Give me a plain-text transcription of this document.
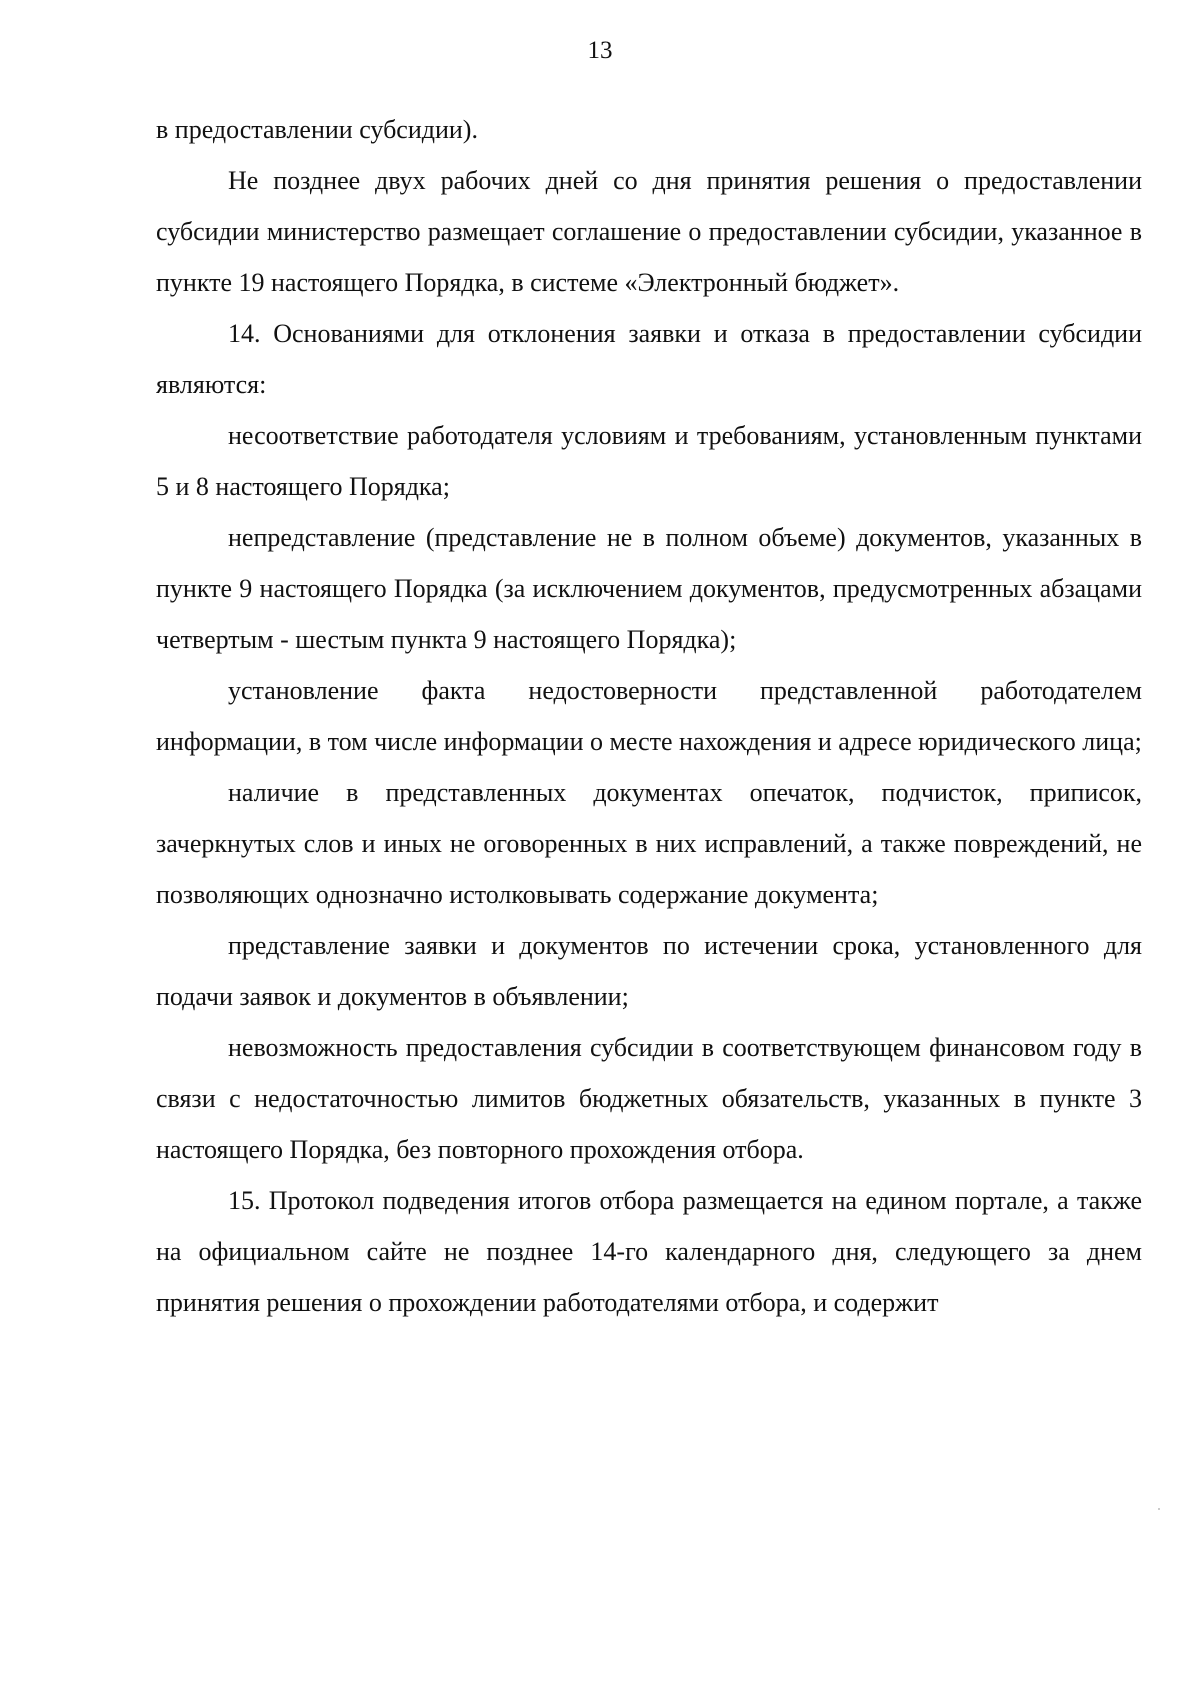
13

в предоставлении субсидии).

Не позднее двух рабочих дней со дня принятия решения о предоставлении субсидии министерство размещает соглашение о предоставлении субсидии, указанное в пункте 19 настоящего Порядка, в системе «Электронный бюджет».

14. Основаниями для отклонения заявки и отказа в предоставлении субсидии являются:

несоответствие работодателя условиям и требованиям, установленным пунктами 5 и 8 настоящего Порядка;

непредставление (представление не в полном объеме) документов, указанных в пункте 9 настоящего Порядка (за исключением документов, предусмотренных абзацами четвертым - шестым пункта 9 настоящего Порядка);

установление факта недостоверности представленной работодателем информации, в том числе информации о месте нахождения и адресе юридического лица;

наличие в представленных документах опечаток, подчисток, приписок, зачеркнутых слов и иных не оговоренных в них исправлений, а также повреждений, не позволяющих однозначно истолковывать содержание документа;

представление заявки и документов по истечении срока, установленного для подачи заявок и документов в объявлении;

невозможность предоставления субсидии в соответствующем финансовом году в связи с недостаточностью лимитов бюджетных обязательств, указанных в пункте 3 настоящего Порядка, без повторного прохождения отбора.

15. Протокол подведения итогов отбора размещается на едином портале, а также на официальном сайте не позднее 14-го календарного дня, следующего за днем принятия решения о прохождении работодателями отбора, и содержит
